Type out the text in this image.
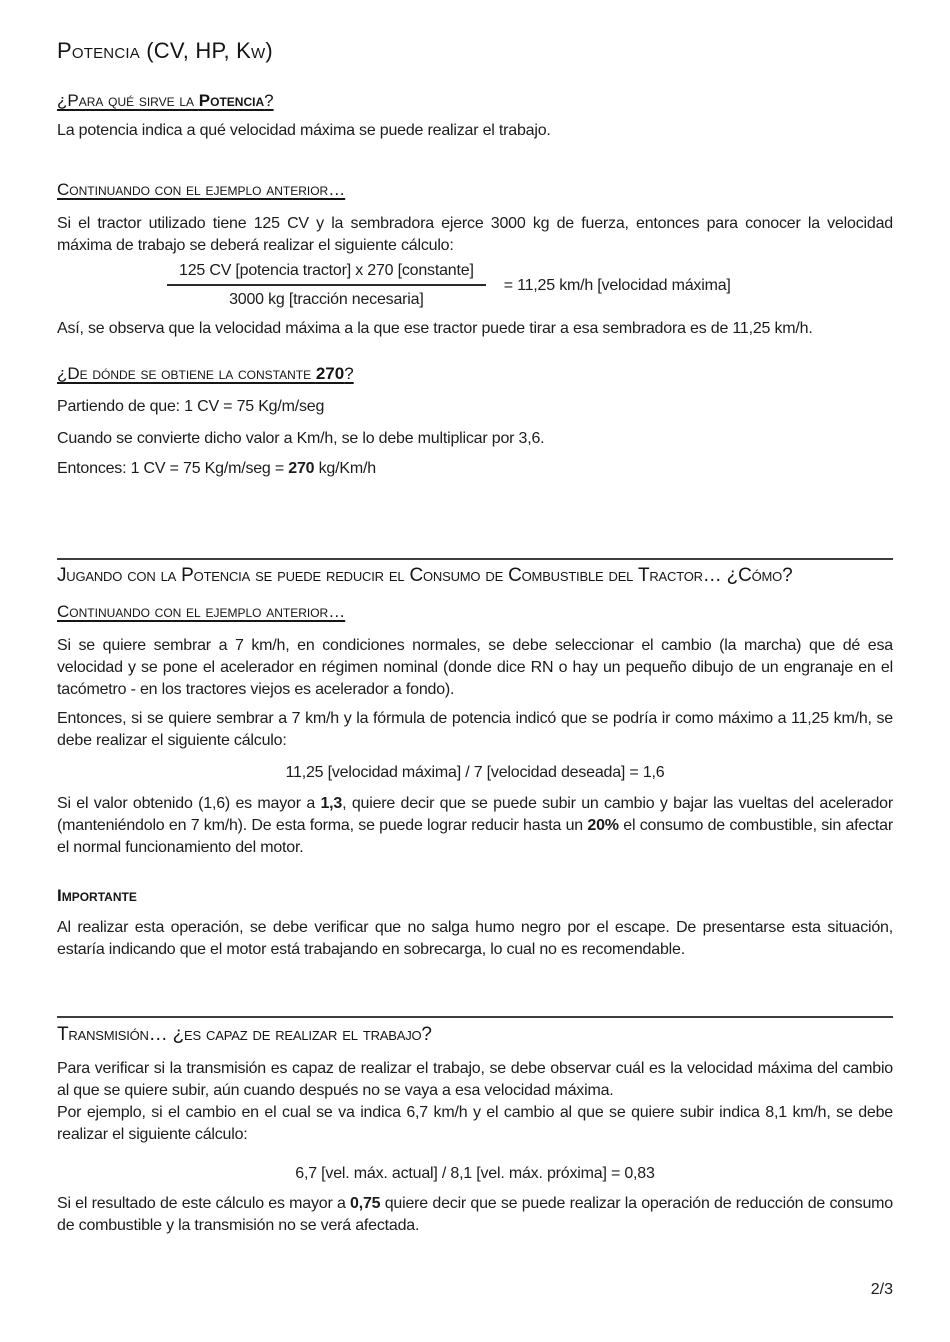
Potencia (CV, HP, Kw)
¿Para qué sirve la Potencia?
La potencia indica a qué velocidad máxima se puede realizar el trabajo.
Continuando con el ejemplo anterior…
Si el tractor utilizado tiene 125 CV y la sembradora ejerce 3000 kg de fuerza, entonces para conocer la velocidad máxima de trabajo se deberá realizar el siguiente cálculo:
$\frac{\text{125 CV [potencia tractor] x 270 [constante]}}{\text{3000 kg [tracción necesaria]}} = 11,25$ km/h [velocidad máxima]
Así, se observa que la velocidad máxima a la que ese tractor puede tirar a esa sembradora es de 11,25 km/h.
¿De dónde se obtiene la constante 270?
Partiendo de que: 1 CV = 75 Kg/m/seg
Cuando se convierte dicho valor a Km/h, se lo debe multiplicar por 3,6.
Entonces: 1 CV = 75 Kg/m/seg = 270 kg/Km/h
Jugando con la Potencia se puede reducir el Consumo de Combustible del Tractor… ¿Cómo?
Continuando con el ejemplo anterior…
Si se quiere sembrar a 7 km/h, en condiciones normales, se debe seleccionar el cambio (la marcha) que dé esa velocidad y se pone el acelerador en régimen nominal (donde dice RN o hay un pequeño dibujo de un engranaje en el tacómetro - en los tractores viejos es acelerador a fondo).
Entonces, si se quiere sembrar a 7 km/h y la fórmula de potencia indicó que se podría ir como máximo a 11,25 km/h, se debe realizar el siguiente cálculo:
11,25 [velocidad máxima] / 7 [velocidad deseada] = 1,6
Si el valor obtenido (1,6) es mayor a 1,3, quiere decir que se puede subir un cambio y bajar las vueltas del acelerador (manteniéndolo en 7 km/h). De esta forma, se puede lograr reducir hasta un 20% el consumo de combustible, sin afectar el normal funcionamiento del motor.
Importante
Al realizar esta operación, se debe verificar que no salga humo negro por el escape. De presentarse esta situación, estaría indicando que el motor está trabajando en sobrecarga, lo cual no es recomendable.
Transmisión… ¿es capaz de realizar el trabajo?
Para verificar si la transmisión es capaz de realizar el trabajo, se debe observar cuál es la velocidad máxima del cambio al que se quiere subir, aún cuando después no se vaya a esa velocidad máxima.
Por ejemplo, si el cambio en el cual se va indica 6,7 km/h y el cambio al que se quiere subir indica 8,1 km/h, se debe realizar el siguiente cálculo:
6,7 [vel. máx. actual] / 8,1 [vel. máx. próxima] = 0,83
Si el resultado de este cálculo es mayor a 0,75 quiere decir que se puede realizar la operación de reducción de consumo de combustible y la transmisión no se verá afectada.
2/3
